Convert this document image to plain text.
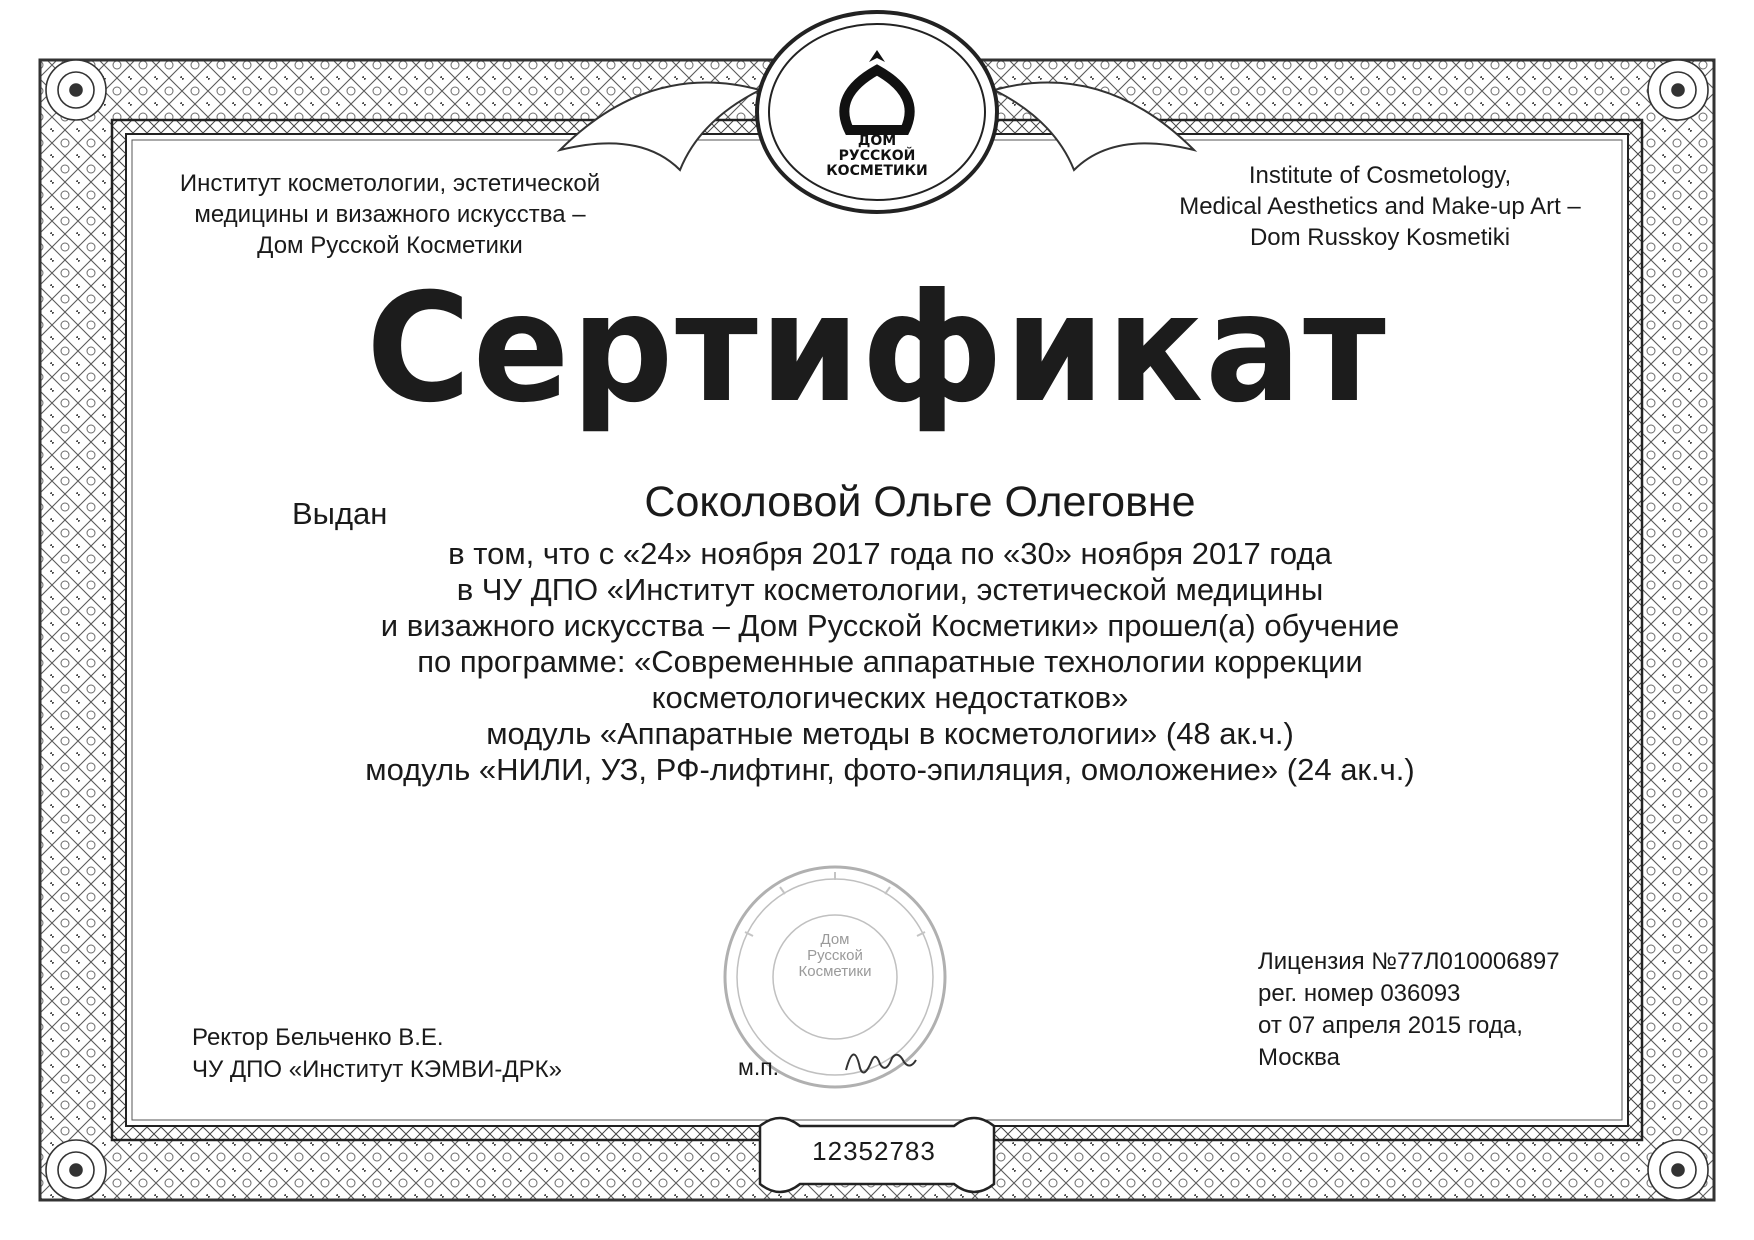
ДОМ
РУССКОЙ
КОСМЕТИКИ
Институт косметологии, эстетической
медицины и визажного искусства –
Дом Русской Косметики
Institute of Cosmetology,
Medical Aesthetics and Make-up Art –
Dom Russkoy Kosmetiki
Сертификат
Выдан	Соколовой Ольге Олеговне
в том, что с «24» ноября 2017 года по «30» ноября 2017 года
в ЧУ ДПО «Институт косметологии, эстетической медицины
и визажного искусства – Дом Русской Косметики» прошел(а) обучение
по программе: «Современные аппаратные технологии коррекции
косметологических недостатков»
модуль «Аппаратные методы в косметологии» (48 ак.ч.)
модуль «НИЛИ, УЗ, РФ-лифтинг, фото-эпиляция, омоложение» (24 ак.ч.)
Дом
Русской
Косметики
Ректор Бельченко В.Е.
ЧУ ДПО «Институт КЭМВИ-ДРК»	м.п.
Лицензия №77Л010006897
рег. номер 036093
от 07 апреля 2015 года,
Москва
12352783
